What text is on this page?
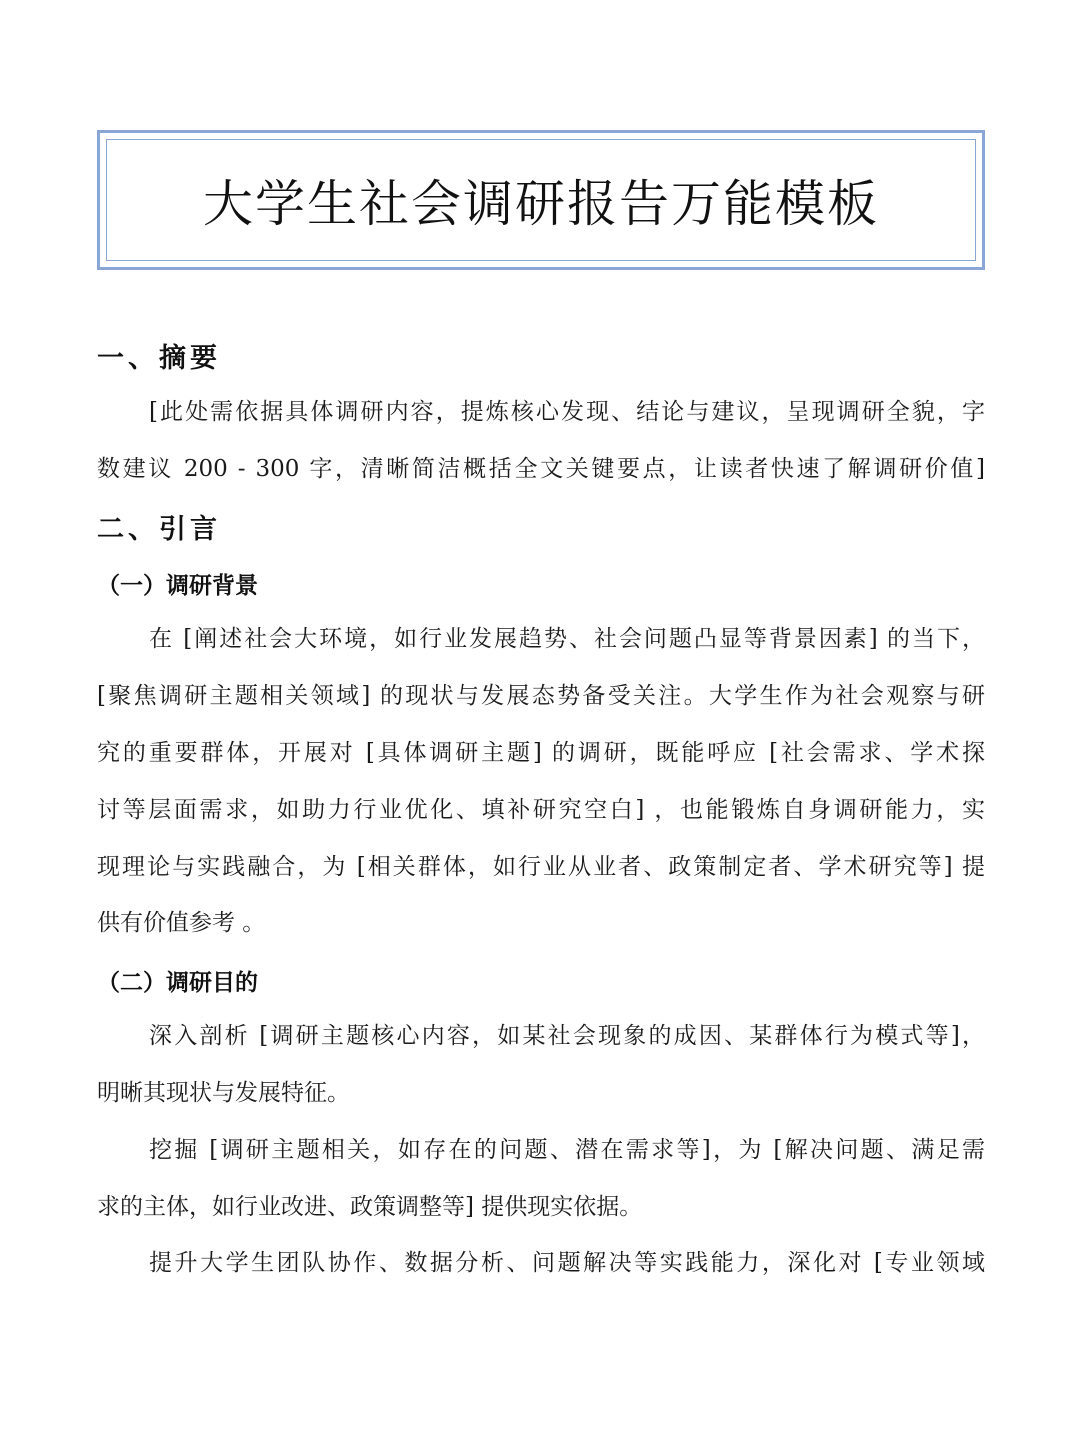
大学生社会调研报告万能模板
一、摘要
[此处需依据具体调研内容，提炼核心发现、结论与建议，呈现调研全貌，字
数建议 200 - 300 字，清晰简洁概括全文关键要点，让读者快速了解调研价值]
二、引言
（一）调研背景
在 [阐述社会大环境，如行业发展趋势、社会问题凸显等背景因素] 的当下，
[聚焦调研主题相关领域] 的现状与发展态势备受关注。大学生作为社会观察与研
究的重要群体，开展对 [具体调研主题] 的调研，既能呼应 [社会需求、学术探
讨等层面需求，如助力行业优化、填补研究空白] ，也能锻炼自身调研能力，实
现理论与实践融合，为 [相关群体，如行业从业者、政策制定者、学术研究等] 提
供有价值参考 。
（二）调研目的
深入剖析 [调研主题核心内容，如某社会现象的成因、某群体行为模式等]，
明晰其现状与发展特征。
挖掘 [调研主题相关，如存在的问题、潜在需求等]，为 [解决问题、满足需
求的主体，如行业改进、政策调整等] 提供现实依据。
提升大学生团队协作、数据分析、问题解决等实践能力，深化对 [专业领域
